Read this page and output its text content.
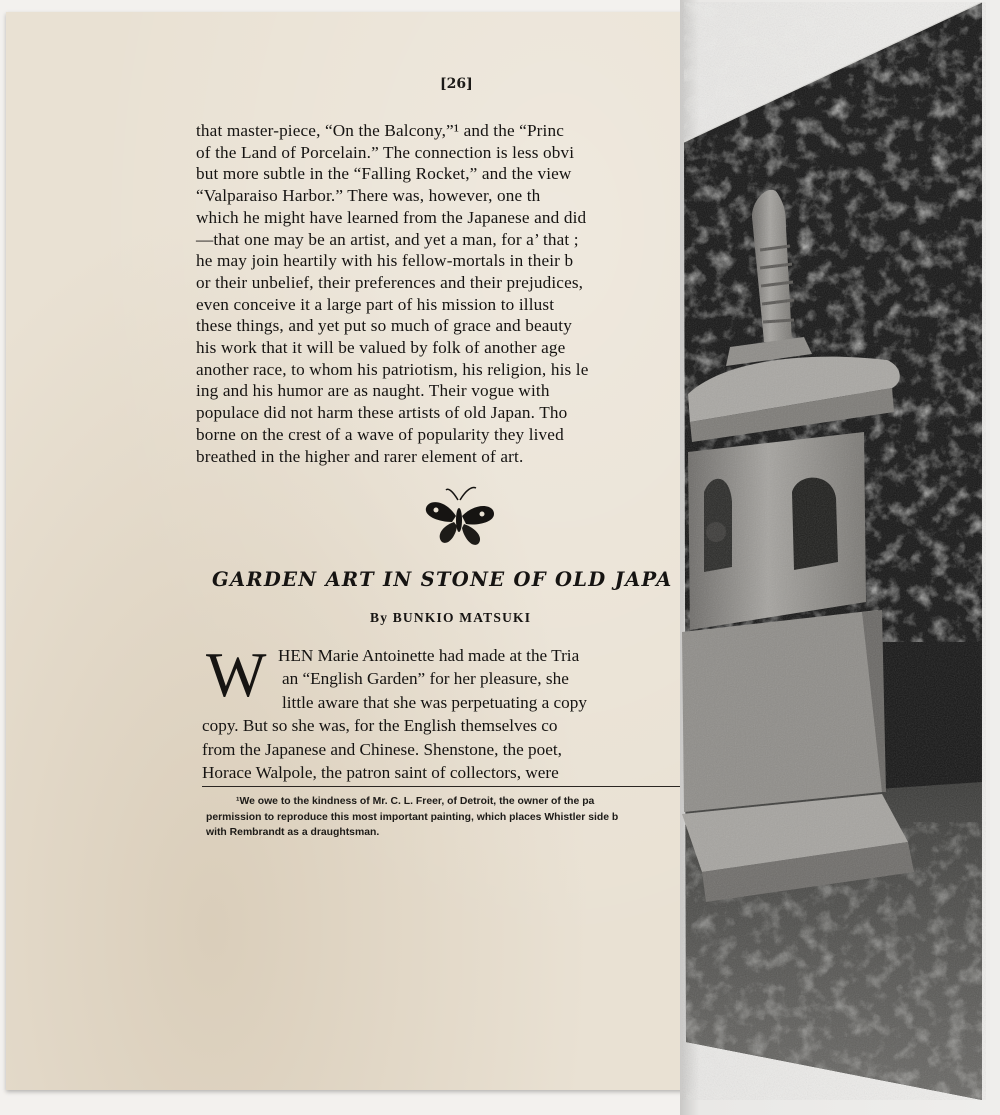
[26]

that master-piece, “On the Balcony,”¹ and the “Princ

of the Land of Porcelain.” The connection is less obvi

but more subtle in the “Falling Rocket,” and the view

“Valparaiso Harbor.” There was, however, one th

which he might have learned from the Japanese and did

—that one may be an artist, and yet a man, for a’ that ;

he may join heartily with his fellow-mortals in their b

or their unbelief, their preferences and their prejudices,

even conceive it a large part of his mission to illust

these things, and yet put so much of grace and beauty

his work that it will be valued by folk of another age

another race, to whom his patriotism, his religion, his le

ing and his humor are as naught. Their vogue with

populace did not harm these artists of old Japan. Tho

borne on the crest of a wave of popularity they lived

breathed in the higher and rarer element of art.

GARDEN ART IN STONE OF OLD JAPA

By BUNKIO MATSUKI

W HEN Marie Antoinette had made at the Tria

an “English Garden” for her pleasure, she

little aware that she was perpetuating a copy

copy. But so she was, for the English themselves co

from the Japanese and Chinese. Shenstone, the poet,

Horace Walpole, the patron saint of collectors, were

¹We owe to the kindness of Mr. C. L. Freer, of Detroit, the owner of the pa

permission to reproduce this most important painting, which places Whistler side b

with Rembrandt as a draughtsman.
